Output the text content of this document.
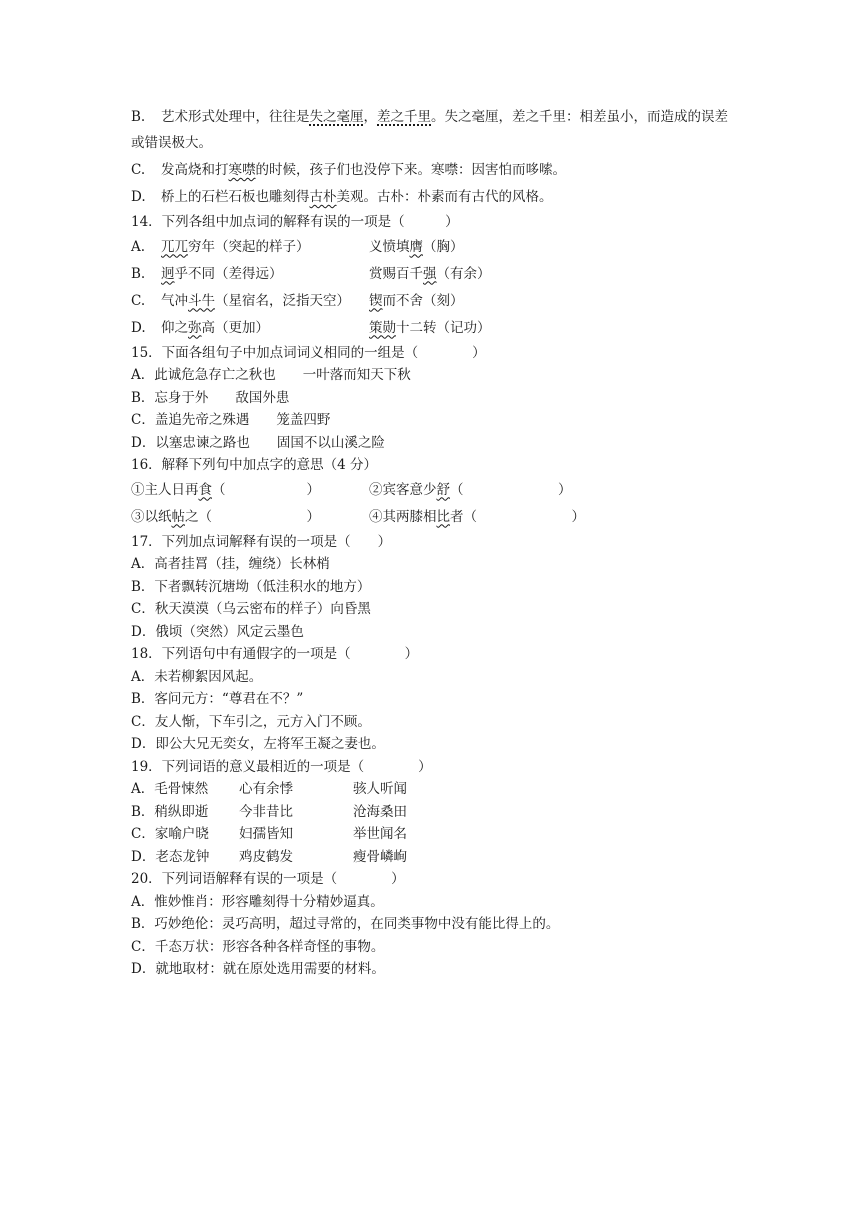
B. 艺术形式处理中，往往是失之毫厘，差之千里。失之毫厘，差之千里：相差虽小，而造成的误差或错误极大。
C. 发高烧和打寒噤的时候，孩子们也没停下来。寒噤：因害怕而哆嗦。
D. 桥上的石栏石板也雕刻得古朴美观。古朴：朴素而有古代的风格。
14．下列各组中加点词的解释有误的一项是（　　　）
A. 兀兀穷年（突起的样子）	义愤填膺（胸）
B. 迥乎不同（差得远）	赏赐百千强（有余）
C. 气冲斗牛（星宿名，泛指天空） 锲而不舍（刻）
D. 仰之弥高（更加）	策勋十二转（记功）
15．下面各组句子中加点词词义相同的一组是（　　　　）
A．此诚危急存亡之秋也　　一叶落而知天下秋
B．忘身于外　　敌国外患
C．盖追先帝之殊遇　　笼盖四野
D．以塞忠谏之路也　　固国不以山溪之险
16．解释下列句中加点字的意思（4 分）
①主人日再食（　　　　　　）	②宾客意少舒（　　　　　　　）
③以纸帖之（　　　　　　　）	④其两膝相比者（　　　　　　　）
17．下列加点词解释有误的一项是（　　）
A．高者挂罥（挂，缠绕）长林梢
B．下者飘转沉塘坳（低洼积水的地方）
C．秋天漠漠（乌云密布的样子）向昏黑
D．俄顷（突然）风定云墨色
18．下列语句中有通假字的一项是（　　　　）
A．未若柳絮因风起。
B．客问元方：“尊君在不？”
C．友人惭，下车引之，元方入门不顾。
D．即公大兄无奕女，左将军王凝之妻也。
19．下列词语的意义最相近的一项是（　　　　）
A．毛骨悚然 心有余悸	骇人听闻
B．稍纵即逝 今非昔比	沧海桑田
C．家喻户晓 妇孺皆知	举世闻名
D．老态龙钟 鸡皮鹤发	瘦骨嶙峋
20．下列词语解释有误的一项是（　　　　）
A．惟妙惟肖：形容雕刻得十分精妙逼真。
B．巧妙绝伦：灵巧高明，超过寻常的，在同类事物中没有能比得上的。
C．千态万状：形容各种各样奇怪的事物。
D．就地取材：就在原处选用需要的材料。
